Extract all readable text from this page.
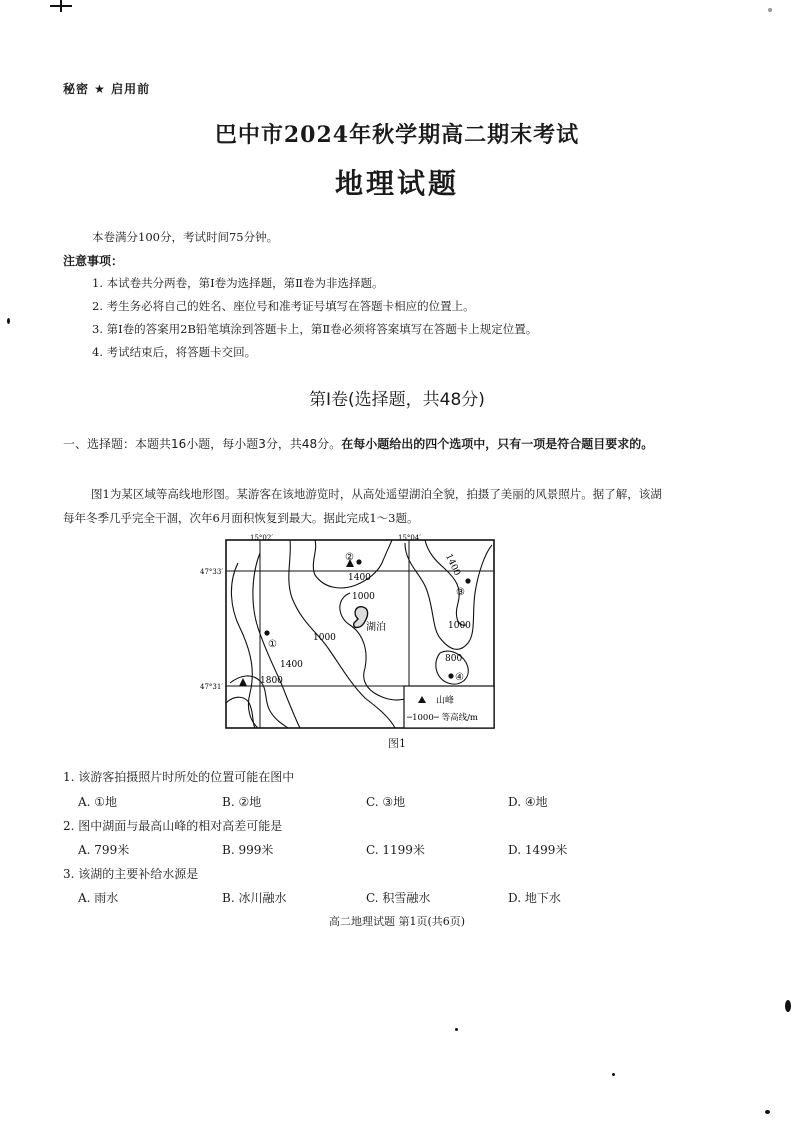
秘密 ★ 启用前
巴中市2024年秋学期高二期末考试
地理试题
本卷满分100分，考试时间75分钟。
注意事项：
1. 本试卷共分两卷，第Ⅰ卷为选择题，第Ⅱ卷为非选择题。
2. 考生务必将自己的姓名、座位号和准考证号填写在答题卡相应的位置上。
3. 第Ⅰ卷的答案用2B铅笔填涂到答题卡上，第Ⅱ卷必须将答案填写在答题卡上规定位置。
4. 考试结束后，将答题卡交回。
第Ⅰ卷(选择题，共48分)
一、选择题：本题共16小题，每小题3分，共48分。在每小题给出的四个选项中，只有一项是符合题目要求的。
图1为某区域等高线地形图。某游客在该地游览时，从高处遥望湖泊全貌，拍摄了美丽的风景照片。据了解，该湖每年冬季几乎完全干涸，次年6月面积恢复到最大。据此完成1～3题。
15°02′	15°04′
47°33′
47°31′
山峰
─1000─ 等高线/m
①
②
③
④
1400
1400
1000
1000
1000
1400
1800
800
湖泊
图1
1. 该游客拍摄照片时所处的位置可能在图中
A. ①地	B. ②地	C. ③地	D. ④地
2. 图中湖面与最高山峰的相对高差可能是
A. 799米	B. 999米	C. 1199米	D. 1499米
3. 该湖的主要补给水源是
A. 雨水	B. 冰川融水	C. 积雪融水	D. 地下水
高二地理试题 第1页(共6页)
